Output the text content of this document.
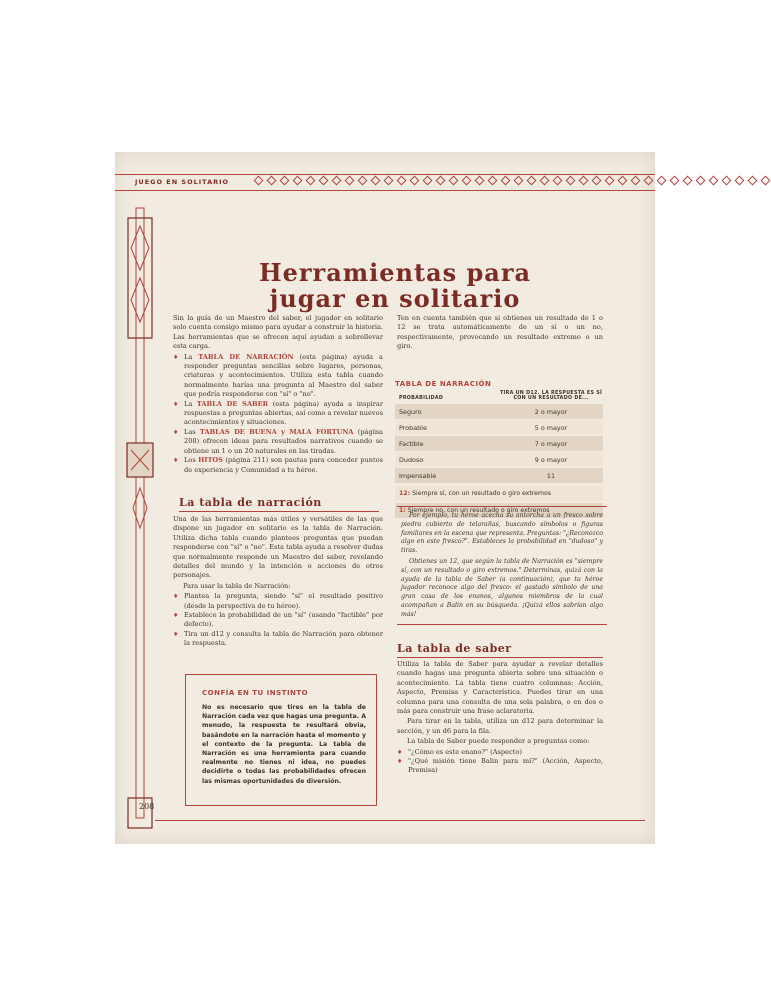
JUEGO EN SOLITARIO
Herramientas para
jugar en solitario

Sin la guía de un Maestro del saber, el jugador en solitario solo cuenta consigo mismo para ayudar a construir la historia. Las herramientas que se ofrecen aquí ayudan a sobrellevar esta carga.

♦ La TABLA DE NARRACIÓN (esta página) ayuda a responder preguntas sencillas sobre lugares, personas, criaturas y acontecimientos. Utiliza esta tabla cuando normalmente harías una pregunta al Maestro del saber que podría responderse con "sí" o "no".
♦ La TABLA DE SABER (esta página) ayuda a inspirar respuestas a preguntas abiertas, así como a revelar nuevos acontecimientos y situaciones.
♦ Las TABLAS DE BUENA y MALA FORTUNA (página 208) ofrecen ideas para resultados narrativos cuando se obtiene un 1 o un 20 naturales en las tiradas.
♦ Los HITOS (página 211) son pautas para conceder puntos de experiencia y Comunidad a tu héroe.
La tabla de narración

Una de las herramientas más útiles y versátiles de las que dispone un jugador en solitario es la tabla de Narración. Utiliza dicha tabla cuando plantees preguntas que puedan responderse con "sí" o "no". Esta tabla ayuda a resolver dudas que normalmente responde un Maestro del saber, revelando detalles del mundo y la intención o acciones de otros personajes.

Para usar la tabla de Narración:

♦ Plantea la pregunta, siendo "sí" el resultado positivo (desde la perspectiva de tu héroe).
♦ Establece la probabilidad de un "sí" (usando "factible" por defecto).
♦ Tira un d12 y consulta la tabla de Narración para obtener la respuesta.
CONFÍA EN TU INSTINTO
No es necesario que tires en la tabla de Narración cada vez que hagas una pregunta. A menudo, la respuesta te resultará obvia, basándote en la narración hasta el momento y el contexto de la pregunta. La tabla de Narración es una herramienta para cuando realmente no tienes ni idea, no puedes decidirte o todas las probabilidades ofrecen las mismas oportunidades de diversión.
Ten en cuenta también que si obtienes un resultado de 1 o 12 se trata automáticamente de un sí o un no, respectivamente, provocando un resultado extremo o un giro.
TABLA DE NARRACIÓN
PROBABILIDAD
TIRA UN D12. LA RESPUESTA ES SÍ CON UN RESULTADO DE...
Seguro	2 o mayor
Probable	5 o mayor
Factible	7 o mayor
Dudoso	9 o mayor
Impensable	11
12: Siempre sí, con un resultado o giro extremos
1: Siempre no, con un resultado o giro extremos

Por ejemplo, tu héroe acecha su antorcha a un fresco sobre piedra cubierto de telarañas, buscando símbolos o figuras familiares en la escena que representa. Preguntas: "¿Reconozco algo en este fresco?". Estableces la probabilidad en "dudoso" y tiras.

Obtienes un 12, que según la tabla de Narración es "siempre sí, con un resultado o giro extremos." Determinas, quizá con la ayuda de la tabla de Saber (a continuación), que tu héroe jugador reconoce algo del fresco: el gastado símbolo de una gran casa de los enanos, algunos miembros de la cual acompañan a Balin en su búsqueda. ¡Quizá ellos sabrían algo más!

La tabla de saber

Utiliza la tabla de Saber para ayudar a revelar detalles cuando hagas una pregunta abierta sobre una situación o acontecimiento. La tabla tiene cuatro columnas: Acción, Aspecto, Premisa y Característica. Puedes tirar en una columna para una consulta de una sola palabra, o en dos o más para construir una frase aclaratoria.

Para tirar en la tabla, utiliza un d12 para determinar la sección, y un d6 para la fila.

La tabla de Saber puede responder a preguntas como:

♦ "¿Cómo es este enano?" (Aspecto)
♦ "¿Qué misión tiene Balin para mí?" (Acción, Aspecto, Premisa)
208
